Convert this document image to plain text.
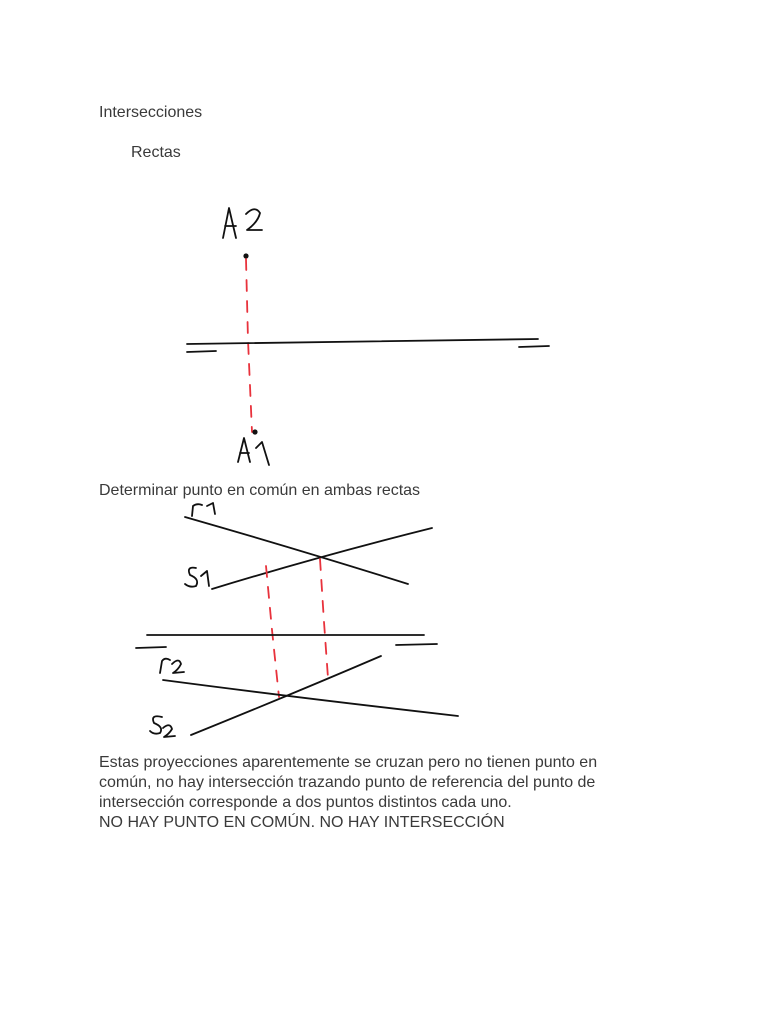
Intersecciones

Rectas

Determinar punto en común en ambas rectas

Estas proyecciones aparentemente se cruzan pero no tienen punto en
común, no hay intersección trazando punto de referencia del punto de
intersección corresponde a dos puntos distintos cada uno.
NO HAY PUNTO EN COMÚN. NO HAY INTERSECCIÓN
